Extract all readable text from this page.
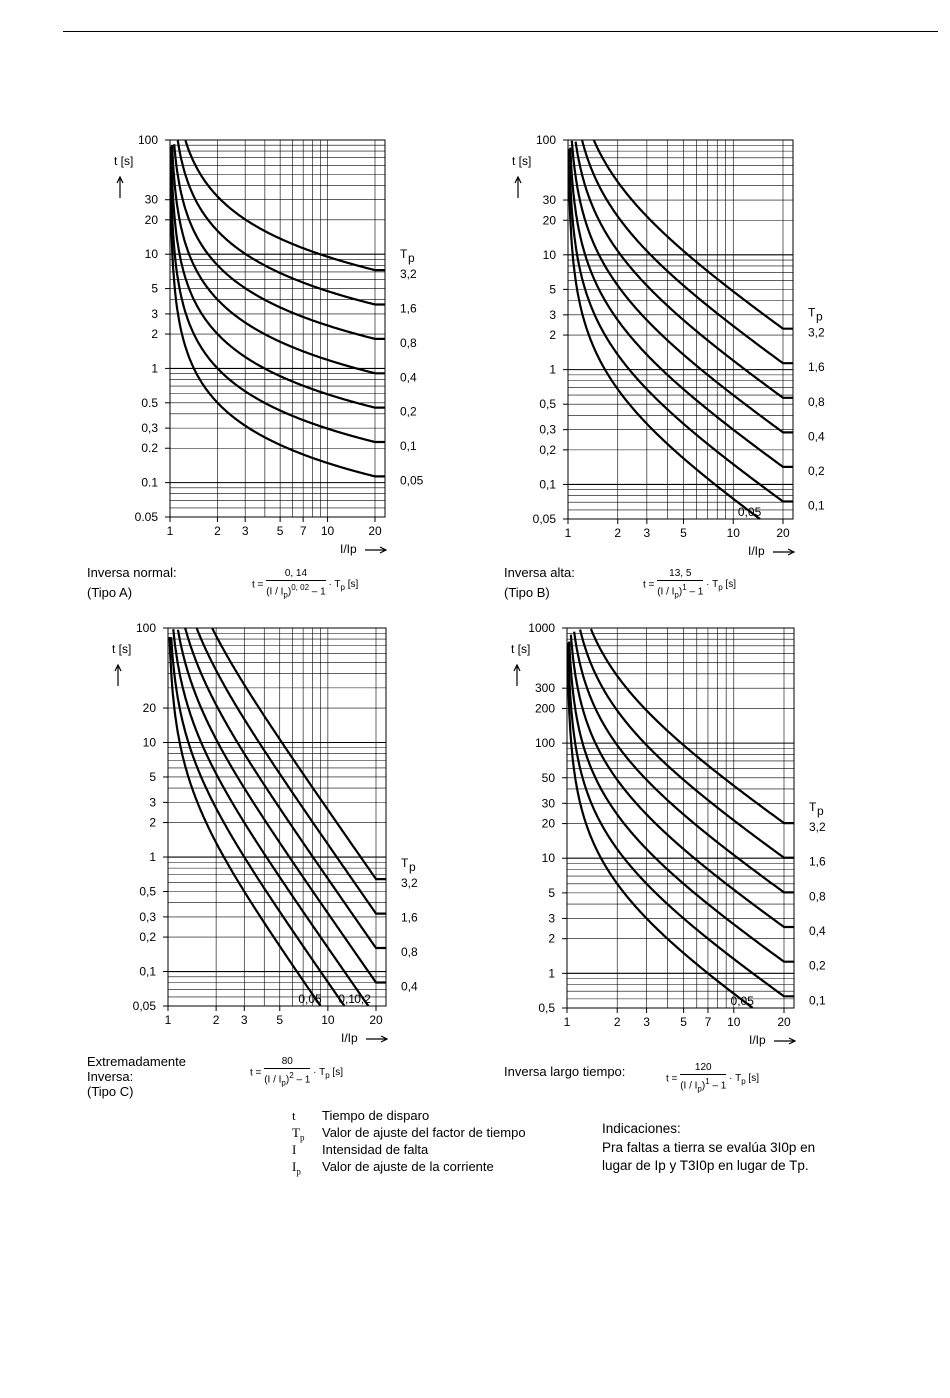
1	2 3 5 7 10	20
100
30
20
10
5
3
2
1
0.5
0,3
0.2
0.1
0.05
t [s]
I/Ip
3,2
1,6
0,8
0,4
0,2
0,1
0,05
T p
1	2 3 5	10	20
100
30
20
10
5
3
2
1
0,5
0,3
0,2
0,1
0,05
t [s]
I/Ip
3,2
1,6
0,8
0,4
0,2
0,1
0,05
T p
1	2 3 5	10	20
100
20
10
5
3
2
1
0,5
0,3
0,2
0,1
0,05
t [s]
I/Ip
3,2
1,6
0,8
0,4
0,2
0,1
0,05
T p
1	2 3	5 7 10	20
1000
300
200
100
50
30
20
10
5
3
2
1
0,5
t [s]
I/Ip
3,2
1,6
0,8
0,4
0,2
0,1
0,05
T p
Inversa normal:
(Tipo A)
Inversa alta:
(Tipo B)
Extremadamente
Inversa:
(Tipo C)
Inversa largo tiempo:
$t = \frac{0, 14}{(I / I_p)^{0, 02} - 1} \cdot T_p$ [s]	$t = \frac{13, 5}{(I / I_p)^1 - 1} \cdot T_p$ [s]
$t = \frac{80}{(I / I_p)^2 - 1} \cdot T_p$ [s]
$t = \frac{120}{(I / I_p)^1 - 1} \cdot T_p$ [s]
t Tiempo de disparo
$T_p$ Valor de ajuste del factor de tiempo
I Intensidad de falta
$I_p$ Valor de ajuste de la corriente
Indicaciones:
Pra faltas a tierra se evalúa 3I0p en lugar de Ip y T3I0p en lugar de Tp.
